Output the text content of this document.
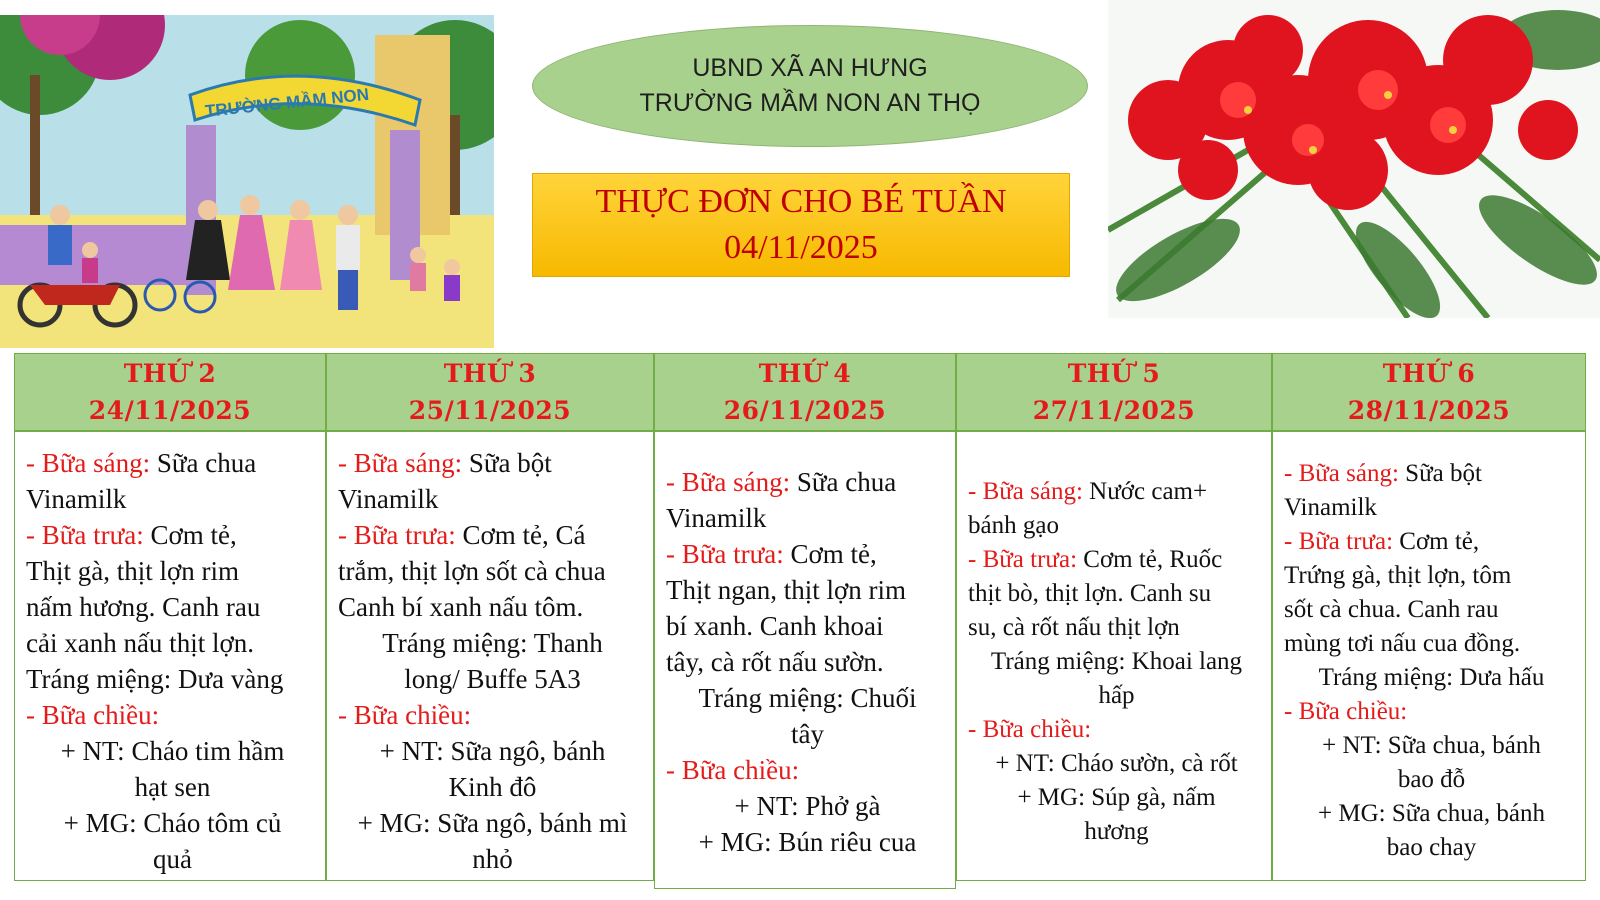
TRƯỜNG MẦM NON
UBND XÃ AN HƯNG
TRƯỜNG MẦM NON AN THỌ
THỰC ĐƠN CHO BÉ TUẦN
04/11/2025
THỨ 2
24/11/2025
THỨ 3
25/11/2025
THỨ 4
26/11/2025
THỨ 5
27/11/2025
THỨ 6
28/11/2025
- Bữa sáng: Sữa chua
Vinamilk
- Bữa trưa: Cơm tẻ,
Thịt gà, thịt lợn rim
nấm hương. Canh rau
cải xanh nấu thịt lợn.
Tráng miệng: Dưa vàng
- Bữa chiều:
+ NT: Cháo tim hầm
hạt sen
+ MG: Cháo tôm củ
quả
- Bữa sáng: Sữa bột
Vinamilk
- Bữa trưa: Cơm tẻ, Cá
trắm, thịt lợn sốt cà chua
Canh bí xanh nấu tôm.
Tráng miệng: Thanh
long/ Buffe 5A3
- Bữa chiều:
+ NT: Sữa ngô, bánh
Kinh đô
+ MG: Sữa ngô, bánh mì
nhỏ
- Bữa sáng: Sữa chua
Vinamilk
- Bữa trưa: Cơm tẻ,
Thịt ngan, thịt lợn rim
bí xanh. Canh khoai
tây, cà rốt nấu sườn.
Tráng miệng: Chuối
tây
- Bữa chiều:
+ NT: Phở gà
+ MG: Bún riêu cua
- Bữa sáng: Nước cam+
bánh gạo
- Bữa trưa: Cơm tẻ, Ruốc
thịt bò, thịt lợn. Canh su
su, cà rốt nấu thịt lợn
Tráng miệng: Khoai lang
hấp
- Bữa chiều:
+ NT: Cháo sườn, cà rốt
+ MG: Súp gà, nấm
hương
- Bữa sáng: Sữa bột
Vinamilk
- Bữa trưa: Cơm tẻ,
Trứng gà, thịt lợn, tôm
sốt cà chua. Canh rau
mùng tơi nấu cua đồng.
Tráng miệng: Dưa hấu
- Bữa chiều:
+ NT: Sữa chua, bánh
bao đỗ
+ MG: Sữa chua, bánh
bao chay
